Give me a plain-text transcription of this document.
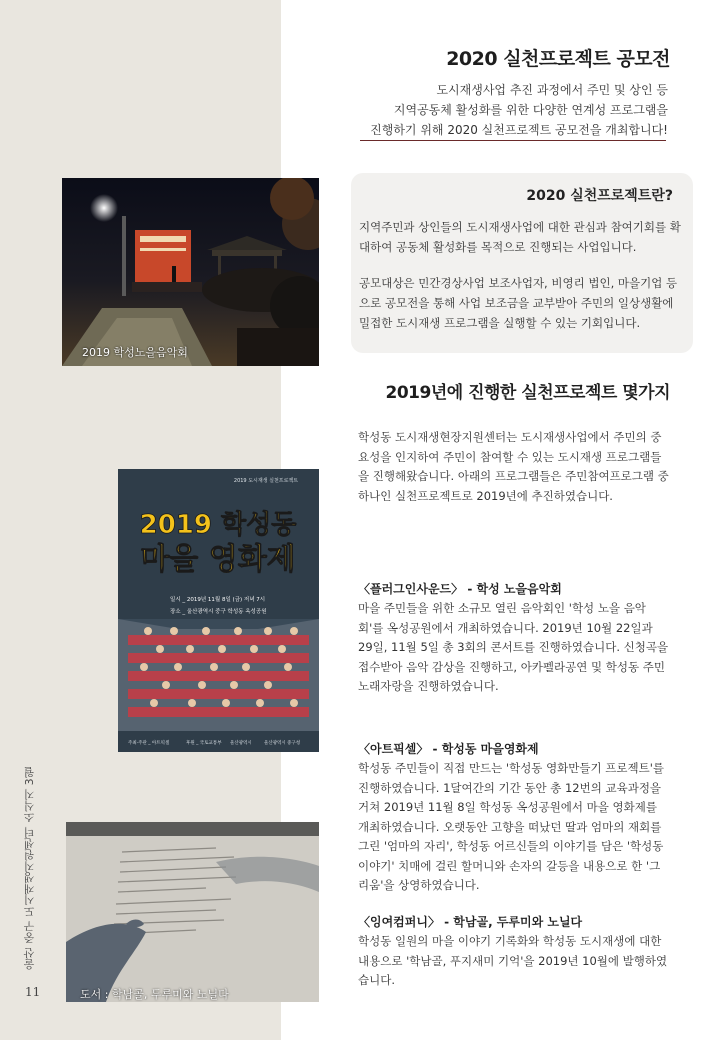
울산 중구 도시재생지원센터 소식지 3월
11
2019 학성노을음악회
2020 실천프로젝트 공모전
도시재생사업 추진 과정에서 주민 및 상인 등
지역공동체 활성화를 위한 다양한 연계성 프로그램을
진행하기 위해 2020 실천프로젝트 공모전을 개최합니다!
2020 실천프로젝트란?
지역주민과 상인들의 도시재생사업에 대한 관심과 참여기회를 확대하여 공동체 활성화를 목적으로 진행되는 사업입니다.
공모대상은 민간경상사업 보조사업자, 비영리 법인, 마을기업 등으로 공모전을 통해 사업 보조금을 교부받아 주민의 일상생활에 밀접한 도시재생 프로그램을 실행할 수 있는 기회입니다.
2019년에 진행한 실천프로젝트 몇가지
학성동 도시재생현장지원센터는 도시재생사업에서 주민의 중요성을 인지하여 주민이 참여할 수 있는 도시재생 프로그램들을 진행해왔습니다. 아래의 프로그램들은 주민참여프로그램 중 하나인 실천프로젝트로 2019년에 추진하였습니다.
2019 도시재생 실천프로젝트
2019 학성동
마을 영화제
일시 _ 2019년 11월 8일 (금) 저녁 7시
장소 _ 울산광역시 중구 학성동 옥성공원
주최·주관 _ 아트픽셀	후원 _ 국토교통부 울산광역시	울산광역시 중구청
〈플러그인사운드〉 - 학성 노을음악회
마을 주민들을 위한 소규모 열린 음악회인 '학성 노을 음악회'를 옥성공원에서 개최하였습니다. 2019년 10월 22일과 29일, 11월 5일 총 3회의 콘서트를 진행하였습니다. 신청곡을 접수받아 음악 감상을 진행하고, 아카펠라공연 및 학성동 주민 노래자랑을 진행하였습니다.
〈아트픽셀〉 - 학성동 마을영화제
학성동 주민들이 직접 만드는 '학성동 영화만들기 프로젝트'를 진행하였습니다. 1달여간의 기간 동안 총 12번의 교육과정을 거쳐 2019년 11월 8일 학성동 옥성공원에서 마을 영화제를 개최하였습니다. 오랫동안 고향을 떠났던 딸과 엄마의 재회를 그린 '엄마의 자리', 학성동 어르신들의 이야기를 담은 '학성동 이야기' 치매에 걸린 할머니와 손자의 갈등을 내용으로 한 '그리움'을 상영하였습니다.
〈잉여컴퍼니〉 - 학남골, 두루미와 노닐다
학성동 일원의 마을 이야기 기록화와 학성동 도시재생에 대한 내용으로 '학남골, 푸지새미 기억'을 2019년 10월에 발행하였습니다.
도서 : 학남골, 두루미와 노닐다
